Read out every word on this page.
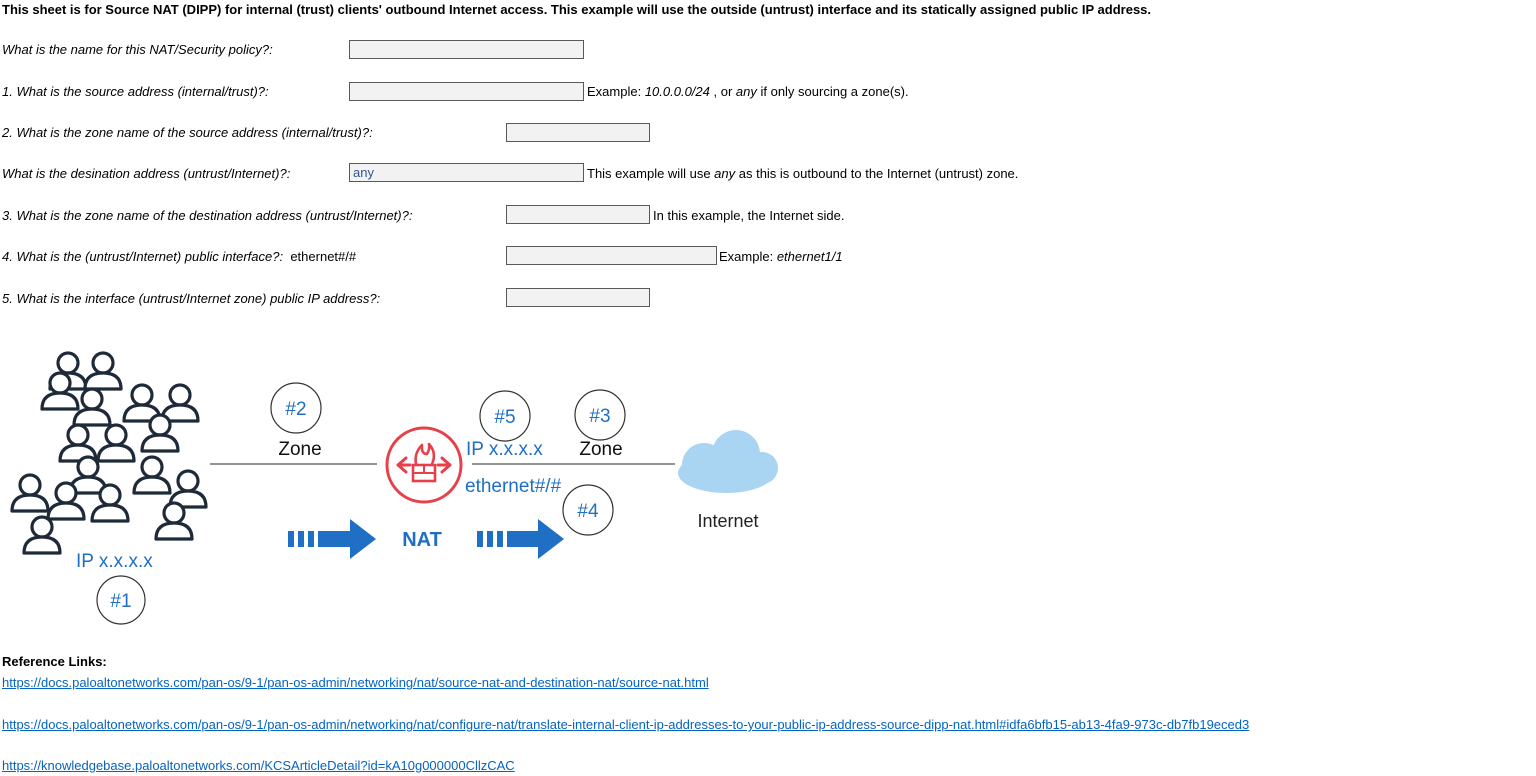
This sheet is for Source NAT (DIPP) for internal (trust) clients' outbound Internet access. This example will use the outside (untrust) interface and its statically assigned public IP address.
What is the name for this NAT/Security policy?:
1. What is the source address (internal/trust)?:	Example: 10.0.0.0/24 , or any if only sourcing a zone(s).
2. What is the zone name of the source address (internal/trust)?:
What is the desination address (untrust/Internet)?:	any	This example will use any as this is outbound to the Internet (untrust) zone.
3. What is the zone name of the destination address (untrust/Internet)?:	In this example, the Internet side.
4. What is the (untrust/Internet) public interface?: ethernet#/#	Example: ethernet1/1
5. What is the interface (untrust/Internet zone) public IP address?:
#2
Zone
#5
IP x.x.x.x
#3
Zone
ethernet#/#
#4	Internet
NAT
IP x.x.x.x
#1
Reference Links:
https://docs.paloaltonetworks.com/pan-os/9-1/pan-os-admin/networking/nat/source-nat-and-destination-nat/source-nat.html
https://docs.paloaltonetworks.com/pan-os/9-1/pan-os-admin/networking/nat/configure-nat/translate-internal-client-ip-addresses-to-your-public-ip-address-source-dipp-nat.html#idfa6bfb15-ab13-4fa9-973c-db7fb19eced3
https://knowledgebase.paloaltonetworks.com/KCSArticleDetail?id=kA10g000000CllzCAC
